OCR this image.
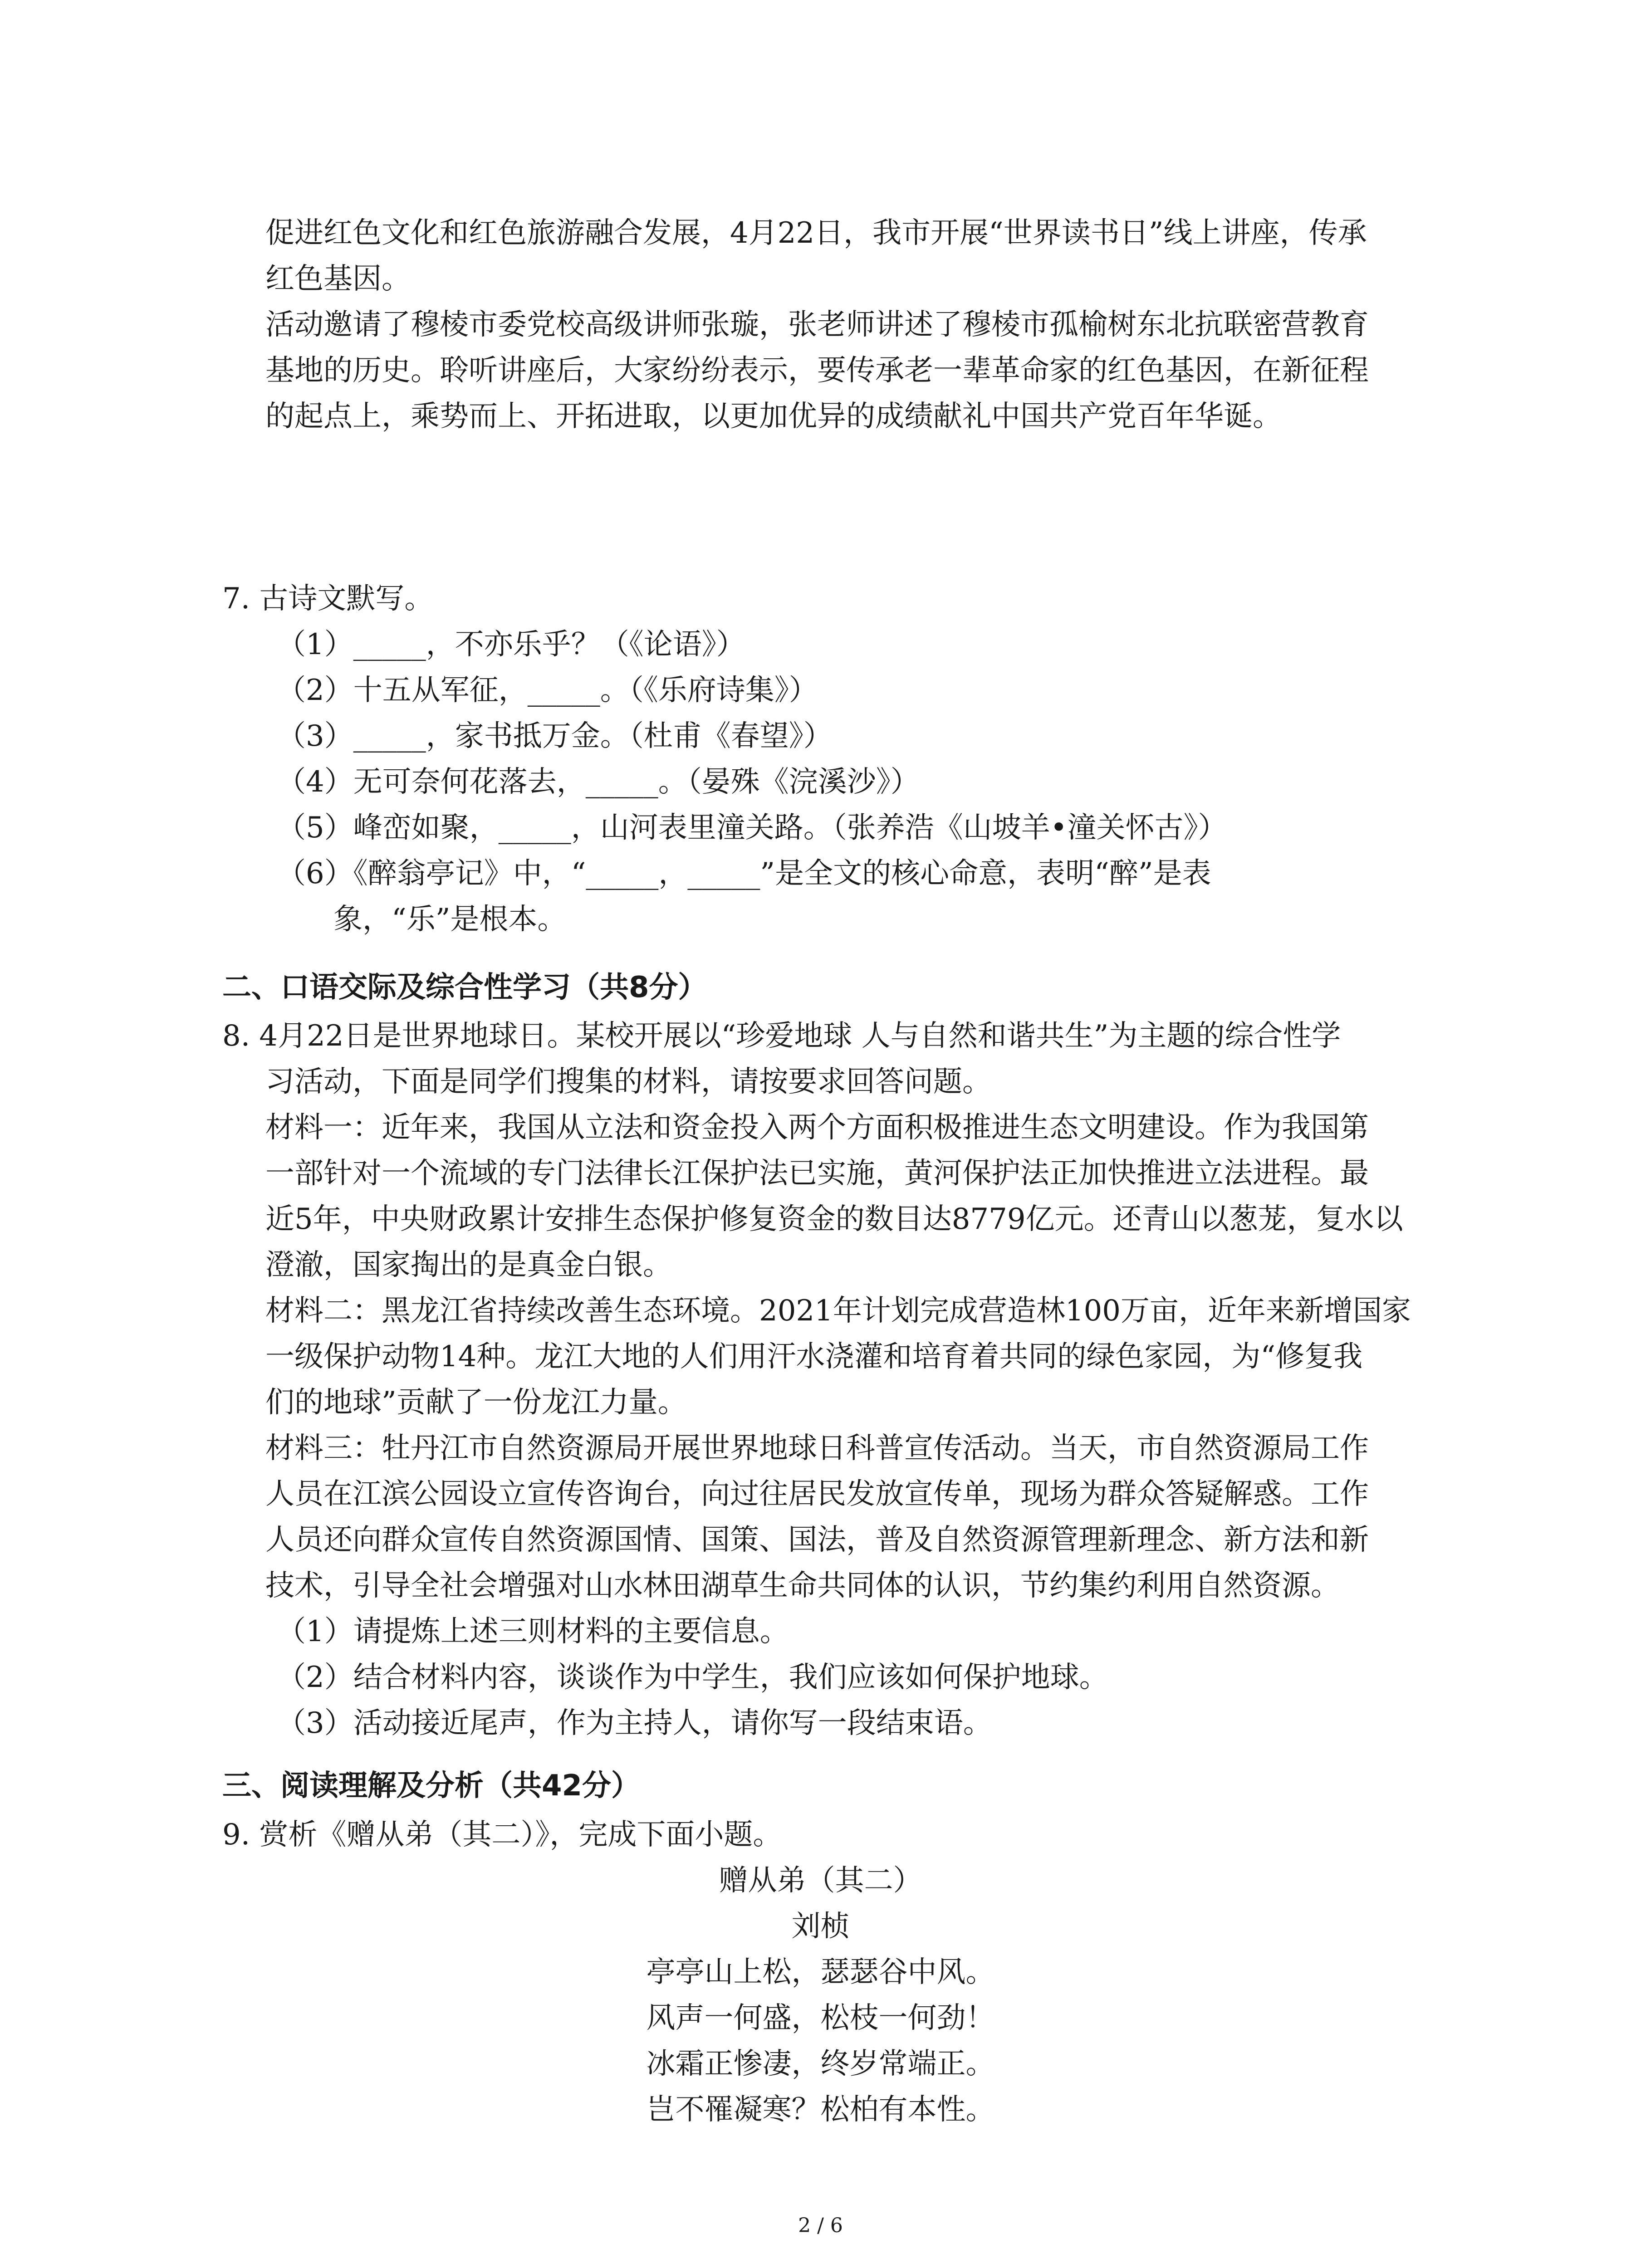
促进红色文化和红色旅游融合发展，4月22日，我市开展“世界读书日”线上讲座，传承
红色基因。
活动邀请了穆棱市委党校高级讲师张璇，张老师讲述了穆棱市孤榆树东北抗联密营教育
基地的历史。聆听讲座后，大家纷纷表示，要传承老一辈革命家的红色基因，在新征程
的起点上，乘势而上、开拓进取，以更加优异的成绩献礼中国共产党百年华诞。
7. 古诗文默写。
（1）_____，不亦乐乎？（《论语》）
（2）十五从军征，_____。（《乐府诗集》）
（3）_____，家书抵万金。（杜甫《春望》）
（4）无可奈何花落去，_____。（晏殊《浣溪沙》）
（5）峰峦如聚，_____，山河表里潼关路。（张养浩《山坡羊•潼关怀古》）
（6）《醉翁亭记》中，“_____，_____”是全文的核心命意，表明“醉”是表
象，“乐”是根本。
二、口语交际及综合性学习（共8分）
8. 4月22日是世界地球日。某校开展以“珍爱地球 人与自然和谐共生”为主题的综合性学
习活动，下面是同学们搜集的材料，请按要求回答问题。
材料一：近年来，我国从立法和资金投入两个方面积极推进生态文明建设。作为我国第
一部针对一个流域的专门法律长江保护法已实施，黄河保护法正加快推进立法进程。最
近5年，中央财政累计安排生态保护修复资金的数目达8779亿元。还青山以葱茏，复水以
澄澈，国家掏出的是真金白银。
材料二：黑龙江省持续改善生态环境。2021年计划完成营造林100万亩，近年来新增国家
一级保护动物14种。龙江大地的人们用汗水浇灌和培育着共同的绿色家园，为“修复我
们的地球”贡献了一份龙江力量。
材料三：牡丹江市自然资源局开展世界地球日科普宣传活动。当天，市自然资源局工作
人员在江滨公园设立宣传咨询台，向过往居民发放宣传单，现场为群众答疑解惑。工作
人员还向群众宣传自然资源国情、国策、国法，普及自然资源管理新理念、新方法和新
技术，引导全社会增强对山水林田湖草生命共同体的认识，节约集约利用自然资源。
（1）请提炼上述三则材料的主要信息。
（2）结合材料内容，谈谈作为中学生，我们应该如何保护地球。
（3）活动接近尾声，作为主持人，请你写一段结束语。
三、阅读理解及分析（共42分）
9. 赏析《赠从弟（其二）》，完成下面小题。
赠从弟（其二）
刘桢
亭亭山上松，瑟瑟谷中风。
风声一何盛，松枝一何劲！
冰霜正惨凄，终岁常端正。
岂不罹凝寒？松柏有本性。
2 / 6
